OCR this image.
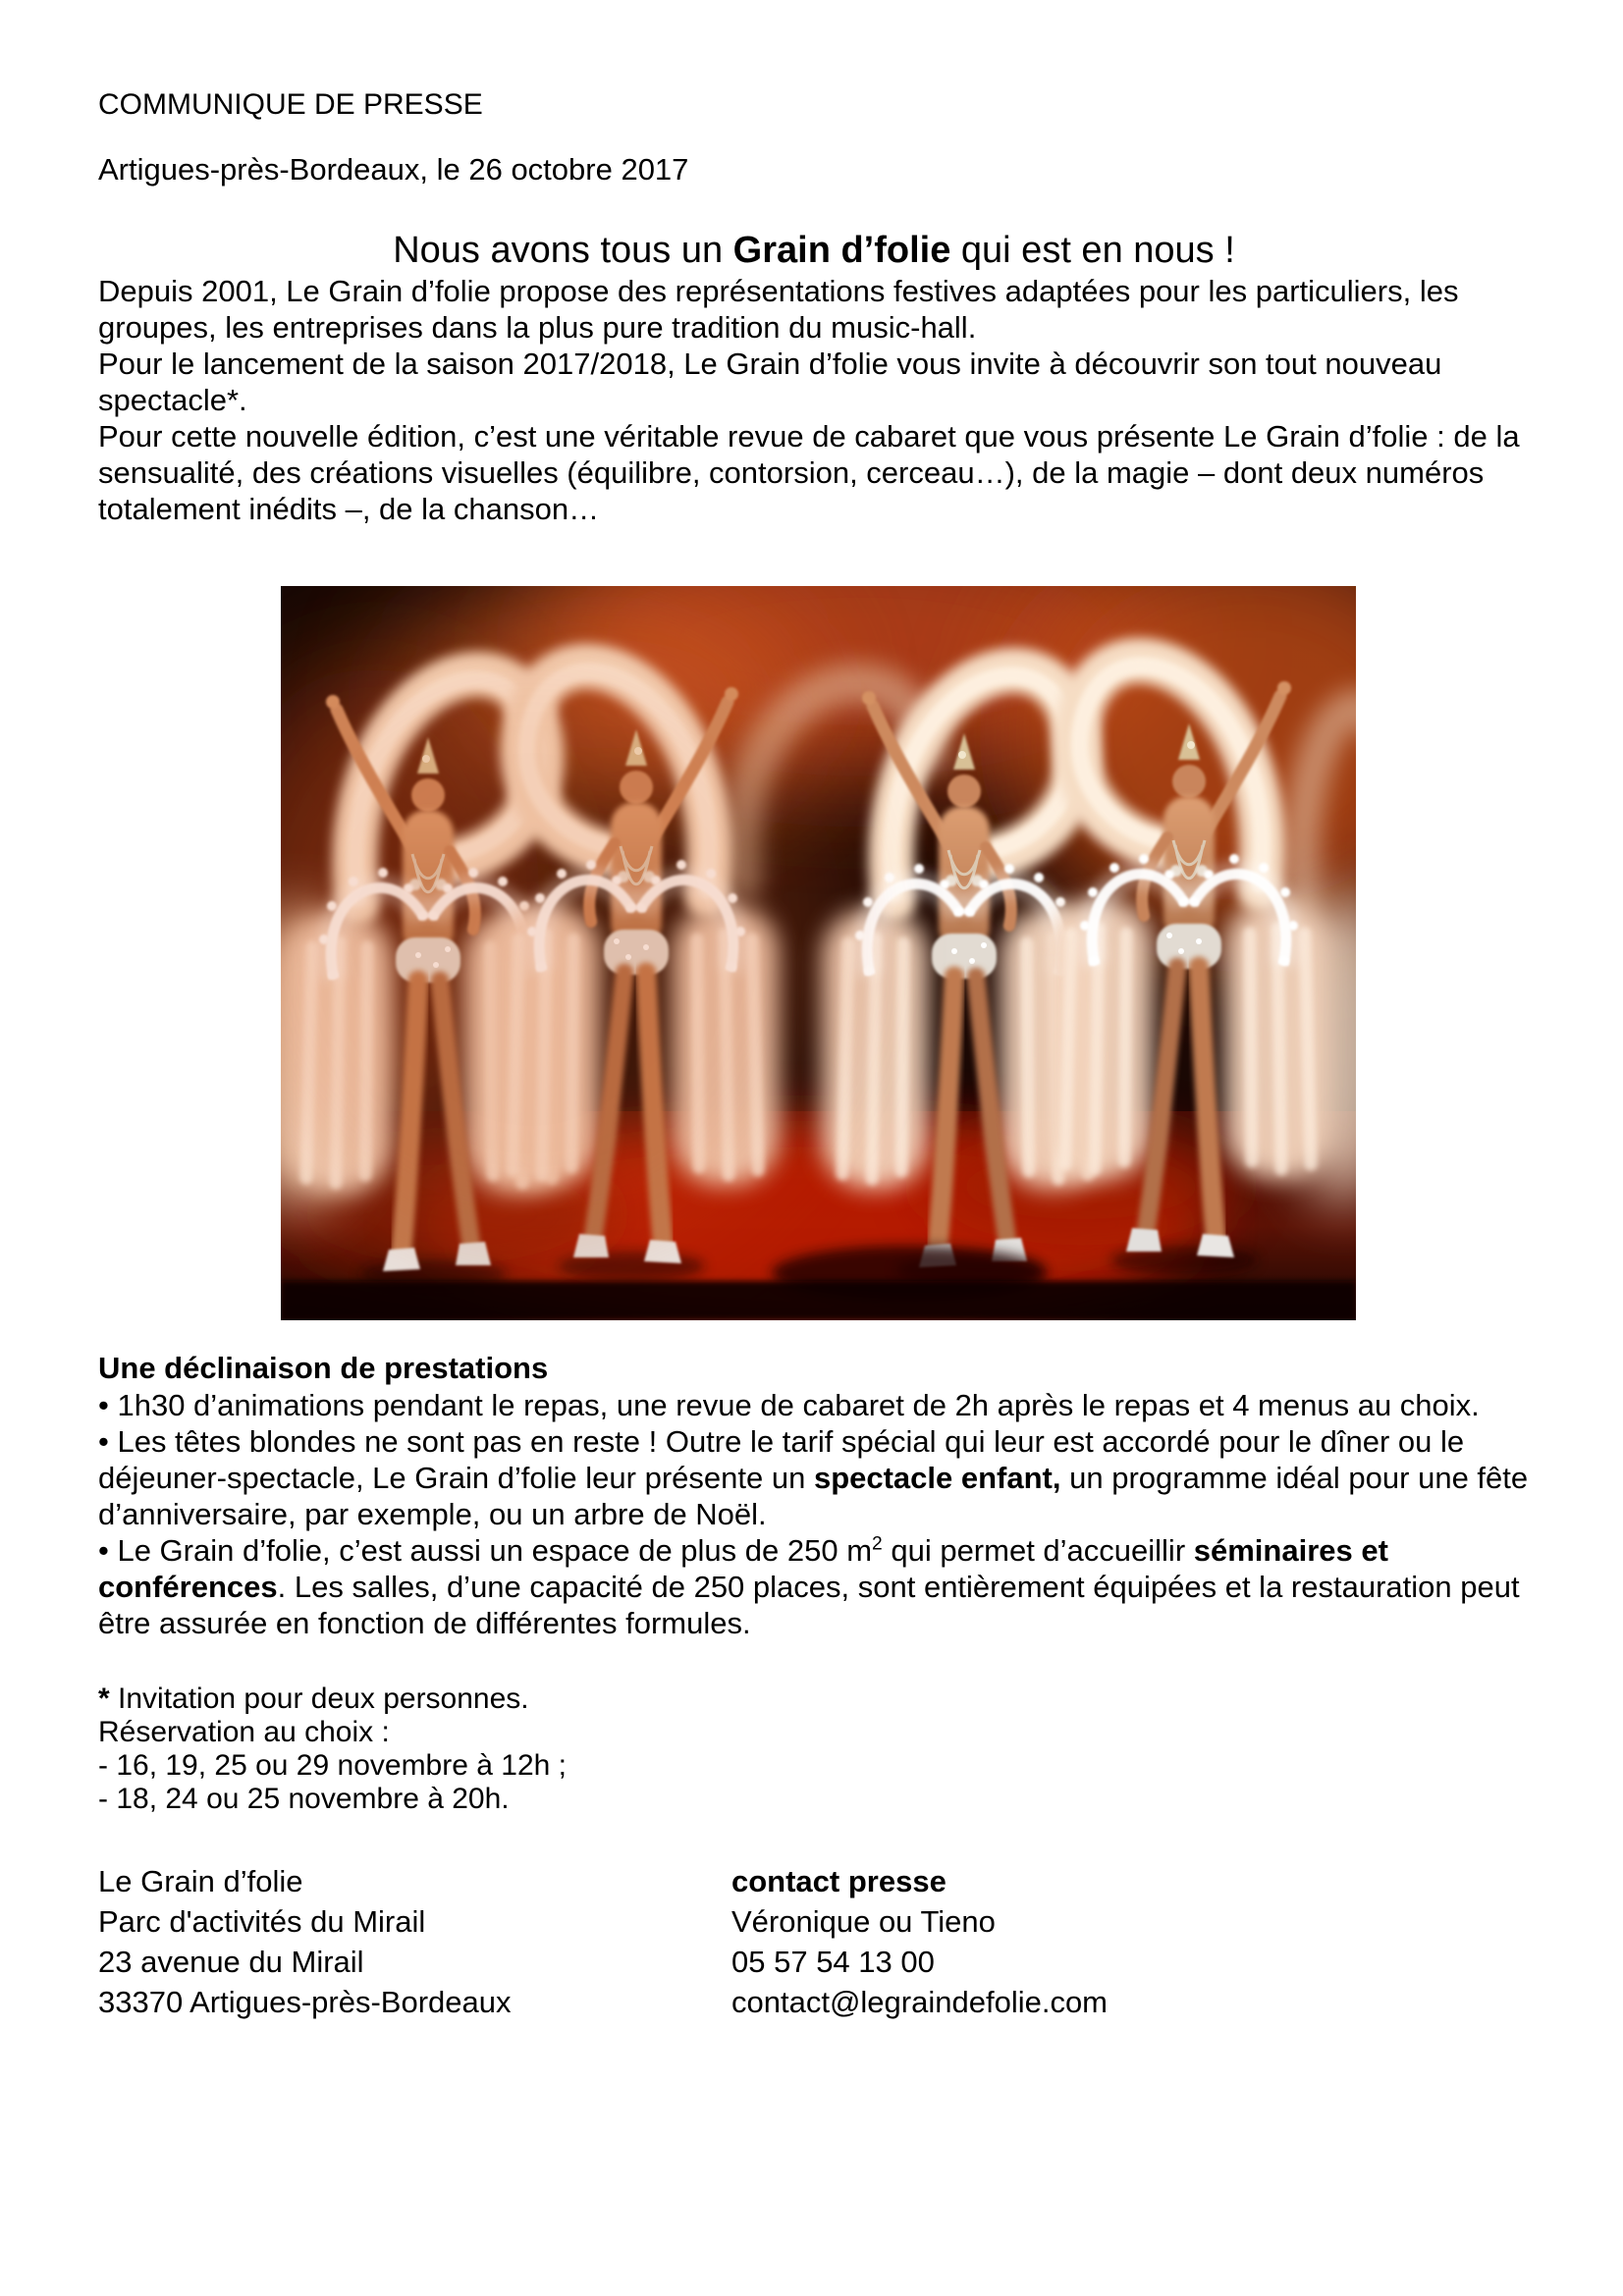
COMMUNIQUE DE PRESSE
Artigues-près-Bordeaux, le 26 octobre 2017
Nous avons tous un Grain d’folie qui est en nous !

Depuis 2001, Le Grain d’folie propose des représentations festives adaptées pour les particuliers, les groupes, les entreprises dans la plus pure tradition du music-hall.

Pour le lancement de la saison 2017/2018, Le Grain d’folie vous invite à découvrir son tout nouveau spectacle*.

Pour cette nouvelle édition, c’est une véritable revue de cabaret que vous présente Le Grain d’folie : de la sensualité, des créations visuelles (équilibre, contorsion, cerceau…), de la magie – dont deux numéros totalement inédits –, de la chanson…

Une déclinaison de prestations

• 1h30 d’animations pendant le repas, une revue de cabaret de 2h après le repas et 4 menus au choix.

• Les têtes blondes ne sont pas en reste ! Outre le tarif spécial qui leur est accordé pour le dîner ou le déjeuner-spectacle, Le Grain d’folie leur présente un spectacle enfant, un programme idéal pour une fête d’anniversaire, par exemple, ou un arbre de Noël.

• Le Grain d’folie, c’est aussi un espace de plus de 250 $m^2$ qui permet d’accueillir séminaires et conférences. Les salles, d’une capacité de 250 places, sont entièrement équipées et la restauration peut être assurée en fonction de différentes formules.

* Invitation pour deux personnes.
Réservation au choix :
- 16, 19, 25 ou 29 novembre à 12h ;
- 18, 24 ou 25 novembre à 20h.
Le Grain d’folie
Parc d'activités du Mirail
23 avenue du Mirail
33370 Artigues-près-Bordeaux
contact presse
Véronique ou Tieno
05 57 54 13 00
contact@legraindefolie.com
